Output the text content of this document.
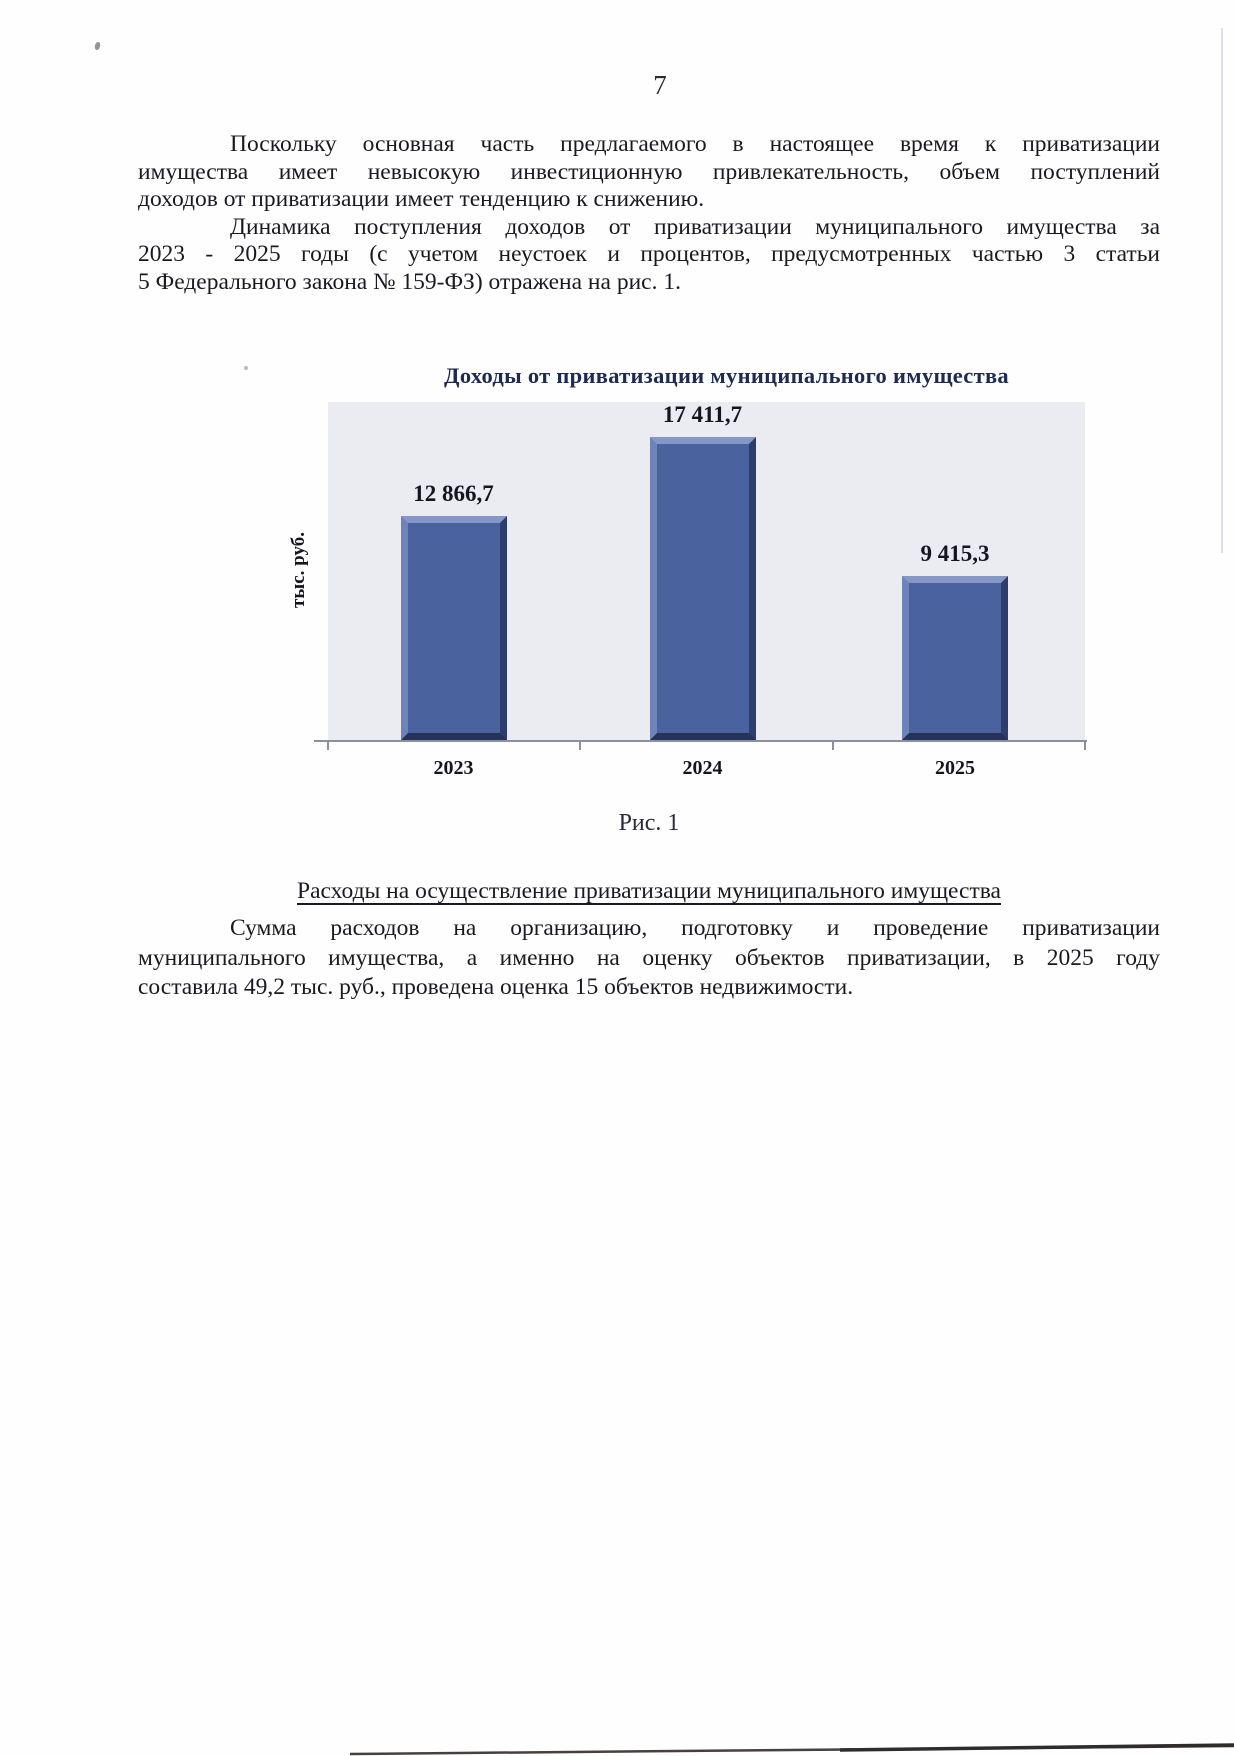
7
Поскольку основная часть предлагаемого в настоящее время к приватизации
имущества имеет невысокую инвестиционную привлекательность, объем поступлений
доходов от приватизации имеет тенденцию к снижению.
Динамика поступления доходов от приватизации муниципального имущества за
2023 - 2025 годы (с учетом неустоек и процентов, предусмотренных частью 3 статьи
5 Федерального закона № 159-ФЗ) отражена на рис. 1.
Доходы от приватизации муниципального имущества
тыс. руб.
12 866,7
2023
17 411,7
2024
9 415,3
2025
Рис. 1
Расходы на осуществление приватизации муниципального имущества
Сумма расходов на организацию, подготовку и проведение приватизации
муниципального имущества, а именно на оценку объектов приватизации, в 2025 году
составила 49,2 тыс. руб., проведена оценка 15 объектов недвижимости.
